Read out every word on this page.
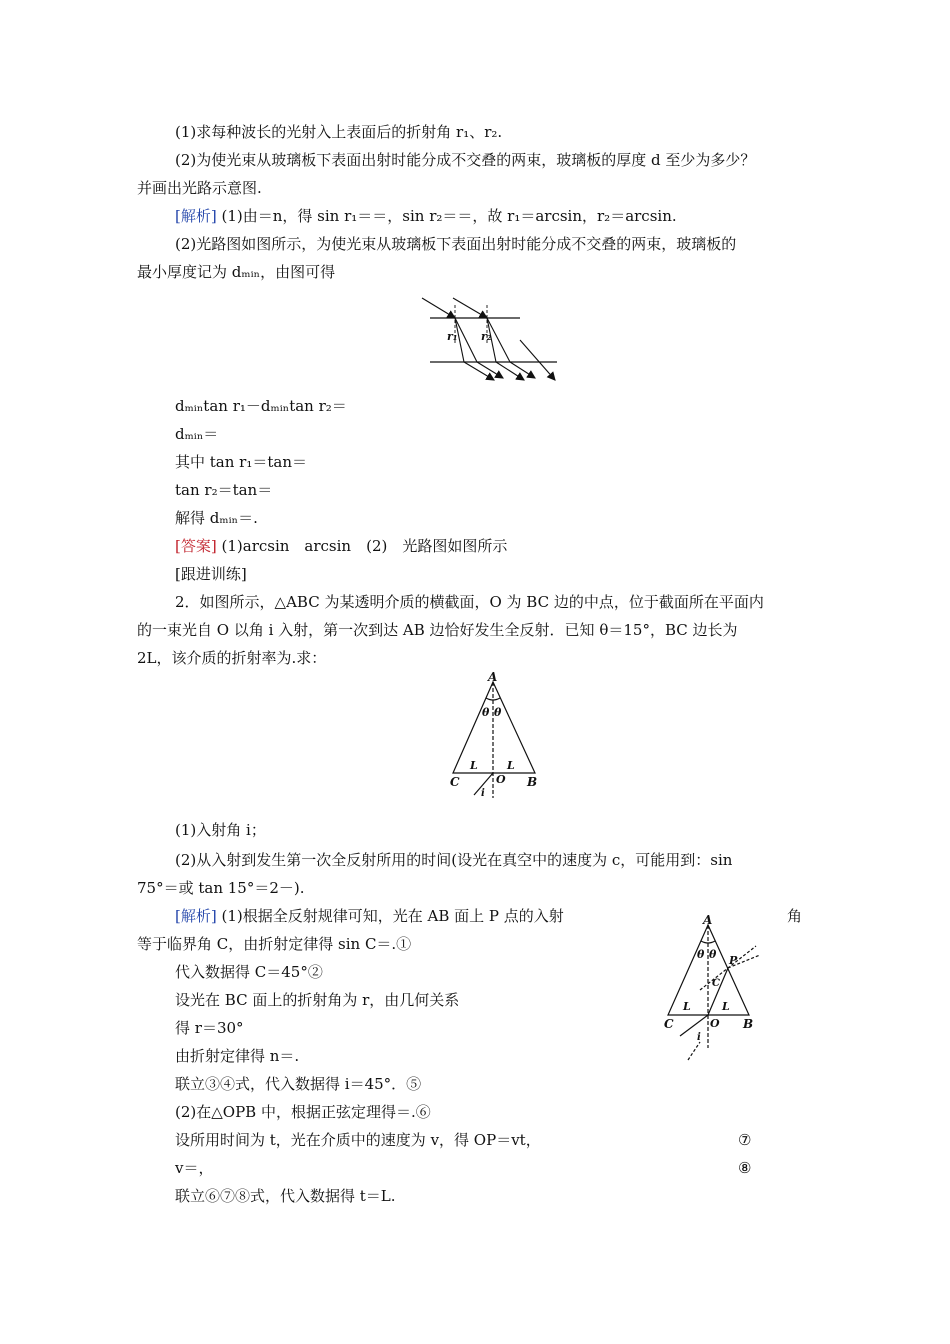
(1)求每种波长的光射入上表面后的折射角 r₁、r₂.
(2)为使光束从玻璃板下表面出射时能分成不交叠的两束，玻璃板的厚度 d 至少为多少？
并画出光路示意图.
[解析] (1)由＝n，得 sin r₁＝＝，sin r₂＝＝，故 r₁＝arcsin，r₂＝arcsin.
(2)光路图如图所示，为使光束从玻璃板下表面出射时能分成不交叠的两束，玻璃板的
最小厚度记为 dₘᵢₙ，由图可得
r₁ r₂
dₘᵢₙtan r₁－dₘᵢₙtan r₂＝
dₘᵢₙ＝
其中 tan r₁＝tan＝
tan r₂＝tan＝
解得 dₘᵢₙ＝.
[答案] (1)arcsin　arcsin　(2)　光路图如图所示
[跟进训练]
2．如图所示，△ABC 为某透明介质的横截面，O 为 BC 边的中点，位于截面所在平面内
的一束光自 O 以角 i 入射，第一次到达 AB 边恰好发生全反射．已知 θ＝15°，BC 边长为
2L，该介质的折射率为.求：
A
θ θ
L	L
C	O B
i
(1)入射角 i；
(2)从入射到发生第一次全反射所用的时间(设光在真空中的速度为 c，可能用到：sin
75°＝或 tan 15°＝2－).
[解析] (1)根据全反射规律可知，光在 AB 面上 P 点的入射	角
等于临界角 C，由折射定律得 sin C＝.①
代入数据得 C＝45°②
设光在 BC 面上的折射角为 r，由几何关系
得 r＝30°
由折射定律得 n＝.
联立③④式，代入数据得 i＝45°．⑤
(2)在△OPB 中，根据正弦定理得＝.⑥
设所用时间为 t，光在介质中的速度为 v，得 OP＝vt，	⑦
v＝，	⑧
联立⑥⑦⑧式，代入数据得 t＝L.
A
θ θ P
C
L	L
C	O B
i
